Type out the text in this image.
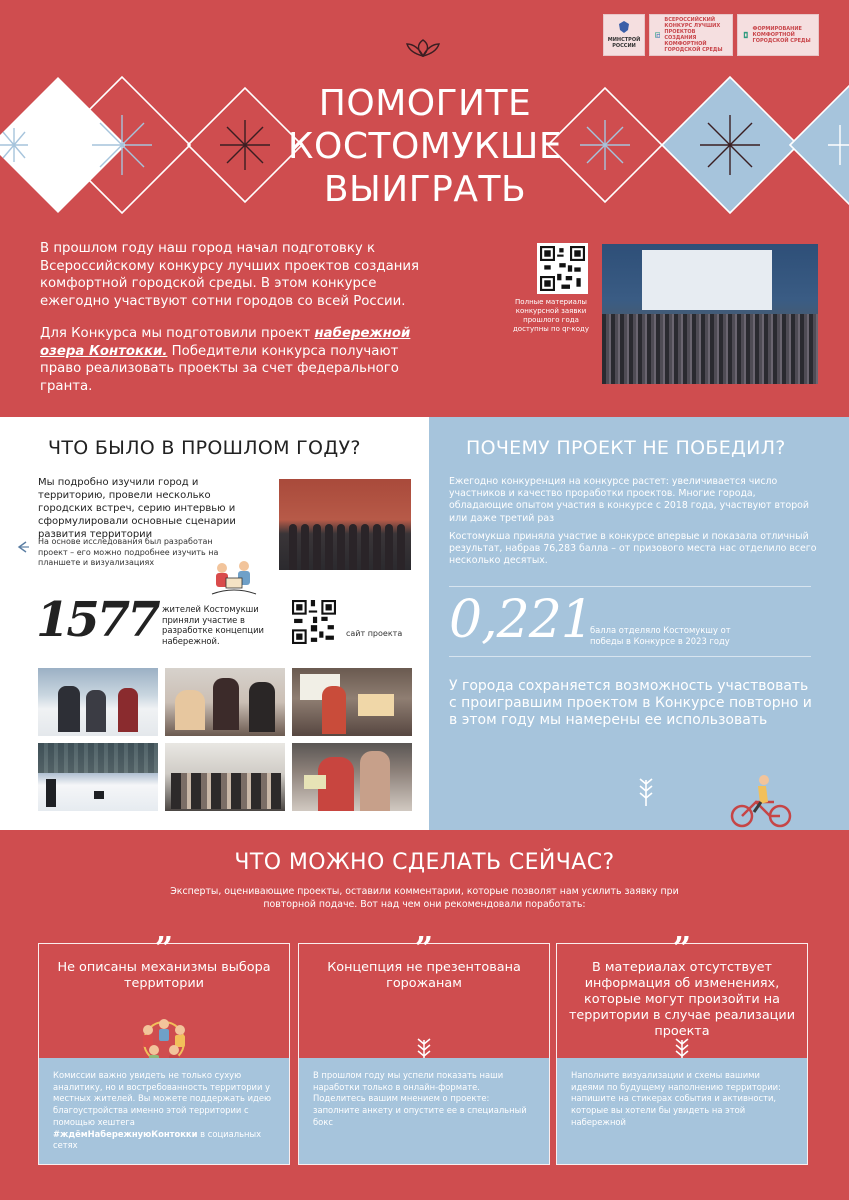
МИНСТРОЙ РОССИИ
ВСЕРОССИЙСКИЙ КОНКУРС ЛУЧШИХ ПРОЕКТОВ СОЗДАНИЯ КОМФОРТНОЙ ГОРОДСКОЙ СРЕДЫ
ФОРМИРОВАНИЕ КОМФОРТНОЙ ГОРОДСКОЙ СРЕДЫ
ПОМОГИТЕ
КОСТОМУКШЕ
ВЫИГРАТЬ

В прошлом году наш город начал подготовку к Всероссийскому конкурсу лучших проектов создания комфортной городской среды. В этом конкурсе ежегодно участвуют сотни городов со всей России.

Для Конкурса мы подготовили проект набережной озера Контокки. Победители конкурса получают право реализовать проекты за счет федерального гранта.

Полные материалы конкурсной заявки прошлого года доступны по qr-коду
ЧТО БЫЛО В ПРОШЛОМ ГОДУ?
Мы подробно изучили город и территорию, провели несколько городских встреч, серию интервью и сформулировали основные сценарии развития территории
На основе исследования был разработан проект – его можно подробнее изучить на планшете и визуализациях
1577 жителей Костомукши приняли участие в разработке концепции набережной.
сайт проекта
ПОЧЕМУ ПРОЕКТ НЕ ПОБЕДИЛ?
Ежегодно конкуренция на конкурсе растет: увеличивается число участников и качество проработки проектов. Многие города, обладающие опытом участия в конкурсе с 2018 года, участвуют второй или даже третий раз
Костомукша приняла участие в конкурсе впервые и показала отличный результат, набрав 76,283 балла – от призового места нас отделило всего несколько десятых.
0,221
балла отделяло Костомукшу от победы в Конкурсе в 2023 году
У города сохраняется возможность участвовать с проигравшим проектом в Конкурсе повторно и в этом году мы намерены ее использовать
ЧТО МОЖНО СДЕЛАТЬ СЕЙЧАС?
Эксперты, оценивающие проекты, оставили комментарии, которые позволят нам усилить заявку при повторной подаче. Вот над чем они рекомендовали поработать:
”
Не описаны механизмы выбора территории
Комиссии важно увидеть не только сухую аналитику, но и востребованность территории у местных жителей. Вы можете поддержать идею благоустройства именно этой территории с помощью хештега #ждёмНабережнуюКонтокки в социальных сетях
”
Концепция не презентована горожанам
В прошлом году мы успели показать наши наработки только в онлайн-формате. Поделитесь вашим мнением о проекте: заполните анкету и опустите ее в специальный бокс
”
В материалах отсутствует информация об изменениях, которые могут произойти на территории в случае реализации проекта
Наполните визуализации и схемы вашими идеями по будущему наполнению территории: напишите на стикерах события и активности, которые вы хотели бы увидеть на этой набережной
